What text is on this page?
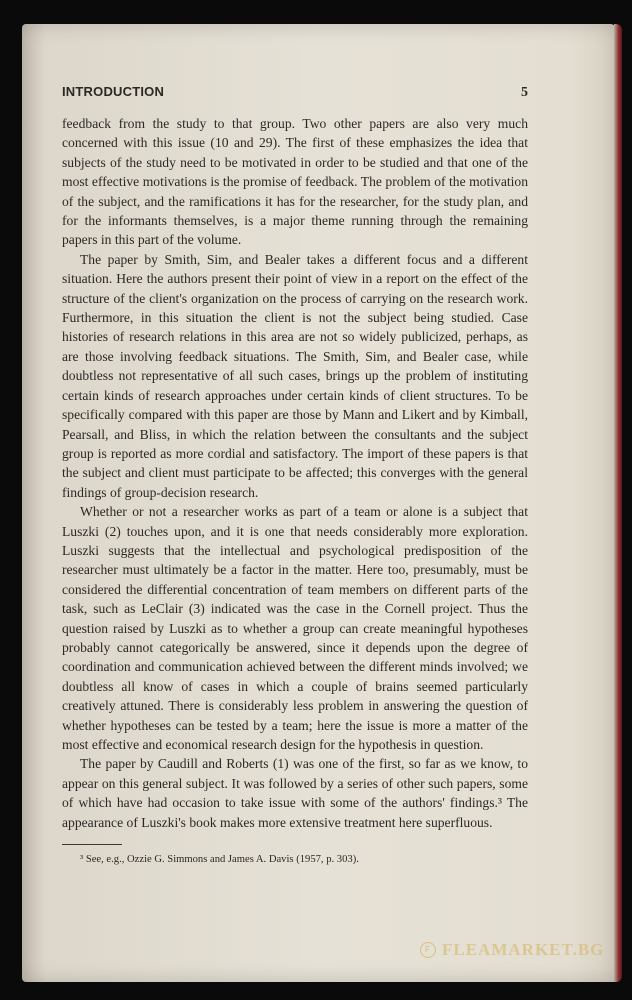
INTRODUCTION	5

feedback from the study to that group. Two other papers are also very much concerned with this issue (10 and 29). The first of these emphasizes the idea that subjects of the study need to be motivated in order to be studied and that one of the most effective motivations is the promise of feedback. The problem of the motivation of the subject, and the ramifications it has for the researcher, for the study plan, and for the informants themselves, is a major theme running through the remaining papers in this part of the volume.

The paper by Smith, Sim, and Bealer takes a different focus and a different situation. Here the authors present their point of view in a report on the effect of the structure of the client's organization on the process of carrying on the research work. Furthermore, in this situation the client is not the subject being studied. Case histories of research relations in this area are not so widely publicized, perhaps, as are those involving feedback situations. The Smith, Sim, and Bealer case, while doubtless not representative of all such cases, brings up the problem of instituting certain kinds of research approaches under certain kinds of client structures. To be specifically compared with this paper are those by Mann and Likert and by Kimball, Pearsall, and Bliss, in which the relation between the consultants and the subject group is reported as more cordial and satisfactory. The import of these papers is that the subject and client must participate to be affected; this converges with the general findings of group-decision research.

Whether or not a researcher works as part of a team or alone is a subject that Luszki (2) touches upon, and it is one that needs considerably more exploration. Luszki suggests that the intellectual and psychological predisposition of the researcher must ultimately be a factor in the matter. Here too, presumably, must be considered the differential concentration of team members on different parts of the task, such as LeClair (3) indicated was the case in the Cornell project. Thus the question raised by Luszki as to whether a group can create meaningful hypotheses probably cannot categorically be answered, since it depends upon the degree of coordination and communication achieved between the different minds involved; we doubtless all know of cases in which a couple of brains seemed particularly creatively attuned. There is considerably less problem in answering the question of whether hypotheses can be tested by a team; here the issue is more a matter of the most effective and economical research design for the hypothesis in question.

The paper by Caudill and Roberts (1) was one of the first, so far as we know, to appear on this general subject. It was followed by a series of other such papers, some of which have had occasion to take issue with some of the authors' findings.³ The appearance of Luszki's book makes more extensive treatment here superfluous.

³ See, e.g., Ozzie G. Simmons and James A. Davis (1957, p. 303).

F FLEAMARKET.BG
